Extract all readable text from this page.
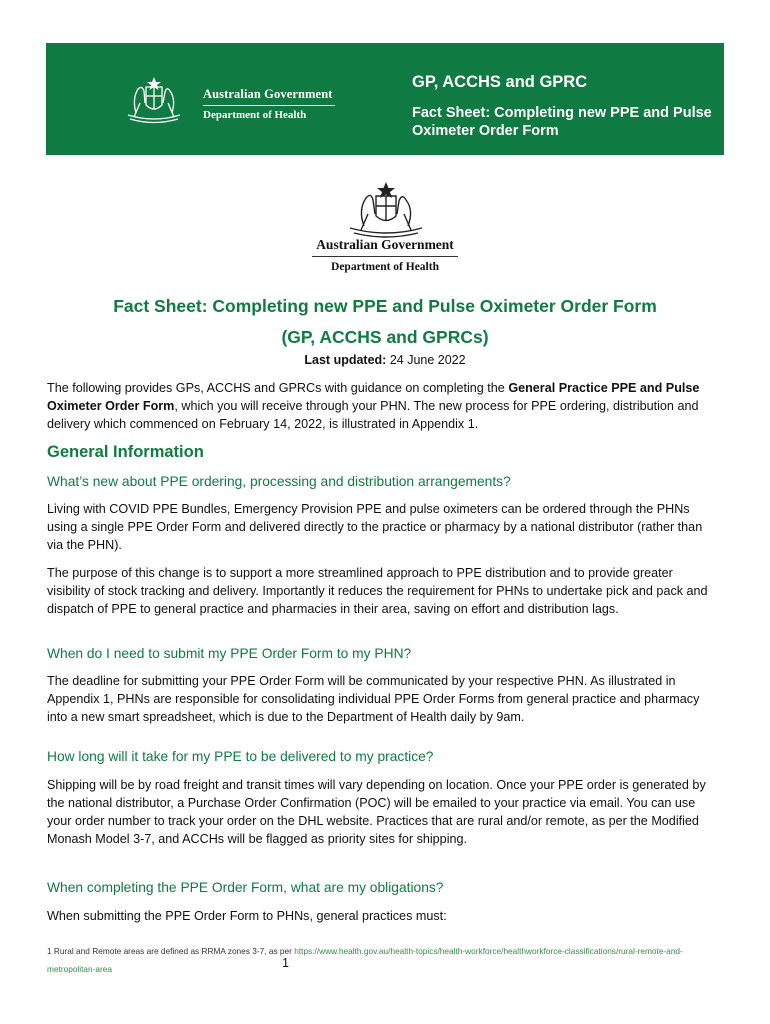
Australian Government
Department of Health
GP, ACCHS and GPRC
Fact Sheet: Completing new PPE and Pulse Oximeter Order Form
Australian Government
Department of Health
Fact Sheet: Completing new PPE and Pulse Oximeter Order Form
(GP, ACCHS and GPRCs)
Last updated: 24 June 2022
The following provides GPs, ACCHS and GPRCs with guidance on completing the General Practice PPE and Pulse Oximeter Order Form, which you will receive through your PHN. The new process for PPE ordering, distribution and delivery which commenced on February 14, 2022, is illustrated in Appendix 1.
General Information
What’s new about PPE ordering, processing and distribution arrangements?
Living with COVID PPE Bundles, Emergency Provision PPE and pulse oximeters can be ordered through the PHNs using a single PPE Order Form and delivered directly to the practice or pharmacy by a national distributor (rather than via the PHN).
The purpose of this change is to support a more streamlined approach to PPE distribution and to provide greater visibility of stock tracking and delivery. Importantly it reduces the requirement for PHNs to undertake pick and pack and dispatch of PPE to general practice and pharmacies in their area, saving on effort and distribution lags.
When do I need to submit my PPE Order Form to my PHN?
The deadline for submitting your PPE Order Form will be communicated by your respective PHN. As illustrated in Appendix 1, PHNs are responsible for consolidating individual PPE Order Forms from general practice and pharmacy into a new smart spreadsheet, which is due to the Department of Health daily by 9am.
How long will it take for my PPE to be delivered to my practice?
Shipping will be by road freight and transit times will vary depending on location. Once your PPE order is generated by the national distributor, a Purchase Order Confirmation (POC) will be emailed to your practice via email. You can use your order number to track your order on the DHL website. Practices that are rural and/or remote, as per the Modified Monash Model 3-7, and ACCHs will be flagged as priority sites for shipping.
When completing the PPE Order Form, what are my obligations?
When submitting the PPE Order Form to PHNs, general practices must:
1 Rural and Remote areas are defined as RRMA zones 3-7, as per https://www.health.gov.au/health-topics/health-workforce/healthworkforce-classifications/rural-remote-and-metropolitan-area	1
